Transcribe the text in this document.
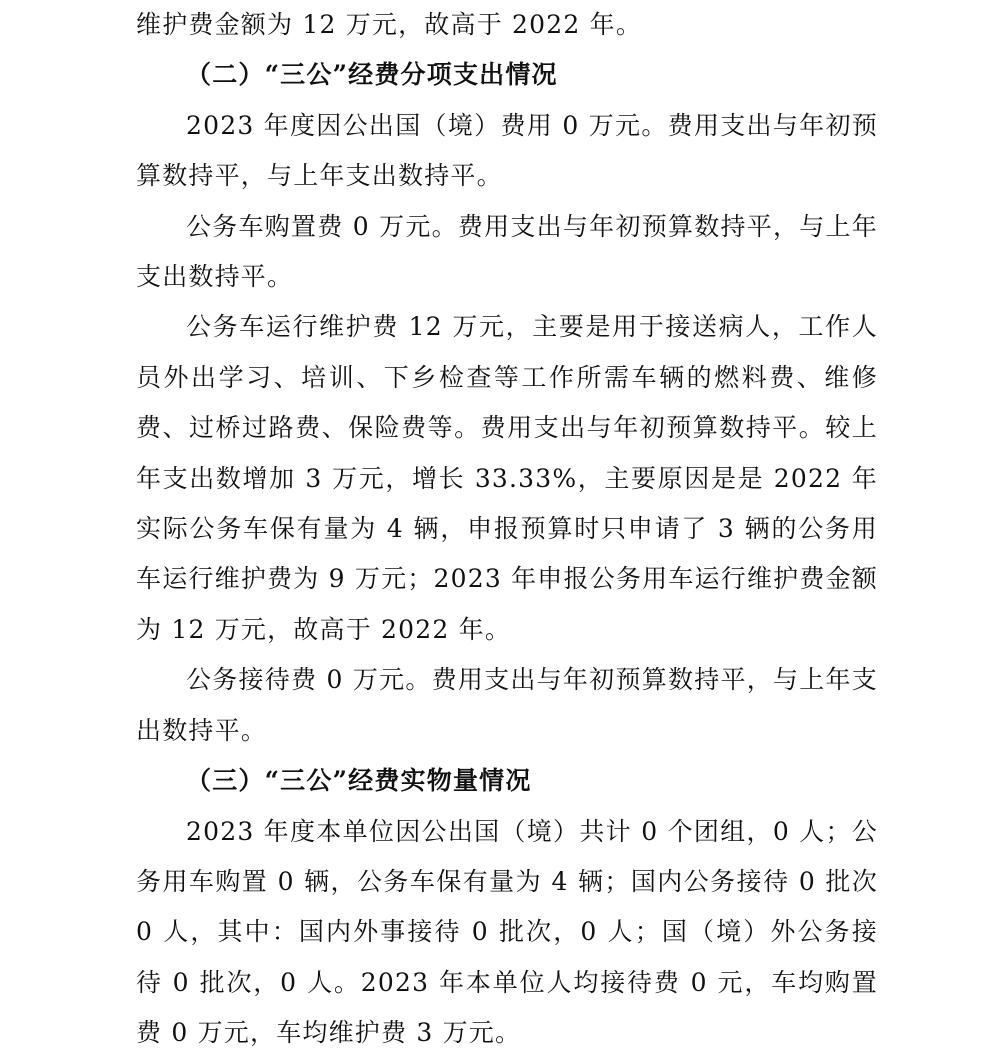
维护费金额为 12 万元，故高于 2022 年。

（二）“三公”经费分项支出情况

2023 年度因公出国（境）费用 0 万元。费用支出与年初预算数持平，与上年支出数持平。

公务车购置费 0 万元。费用支出与年初预算数持平，与上年支出数持平。

公务车运行维护费 12 万元，主要是用于接送病人，工作人员外出学习、培训、下乡检查等工作所需车辆的燃料费、维修费、过桥过路费、保险费等。费用支出与年初预算数持平。较上年支出数增加 3 万元，增长 33.33%，主要原因是是 2022 年实际公务车保有量为 4 辆，申报预算时只申请了 3 辆的公务用车运行维护费为 9 万元；2023 年申报公务用车运行维护费金额为 12 万元，故高于 2022 年。

公务接待费 0 万元。费用支出与年初预算数持平，与上年支出数持平。

（三）“三公”经费实物量情况

2023 年度本单位因公出国（境）共计 0 个团组，0 人；公务用车购置 0 辆，公务车保有量为 4 辆；国内公务接待 0 批次 0 人，其中：国内外事接待 0 批次，0 人；国（境）外公务接待 0 批次，0 人。2023 年本单位人均接待费 0 元，车均购置费 0 万元，车均维护费 3 万元。
